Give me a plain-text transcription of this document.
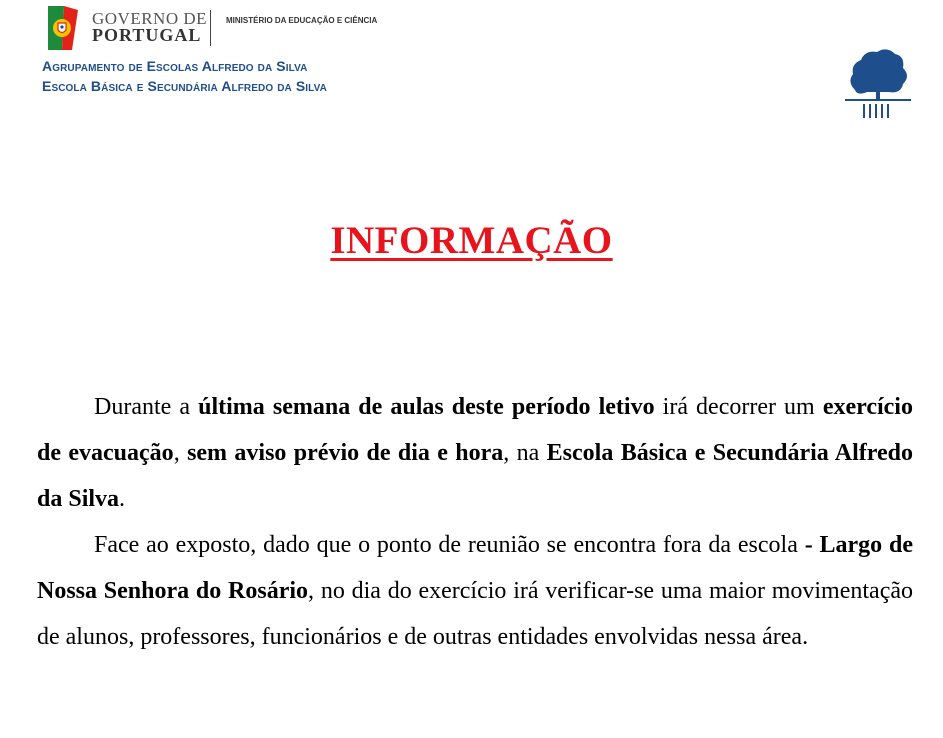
GOVERNO DE
PORTUGAL
MINISTÉRIO DA EDUCAÇÃO E CIÊNCIA
Agrupamento de Escolas Alfredo da Silva
Escola Básica e Secundária Alfredo da Silva
INFORMAÇÃO

Durante a última semana de aulas deste período letivo irá decorrer um exercício de evacuação, sem aviso prévio de dia e hora, na Escola Básica e Secundária Alfredo da Silva.

Face ao exposto, dado que o ponto de reunião se encontra fora da escola - Largo de Nossa Senhora do Rosário, no dia do exercício irá verificar-se uma maior movimentação de alunos, professores, funcionários e de outras entidades envolvidas nessa área.
